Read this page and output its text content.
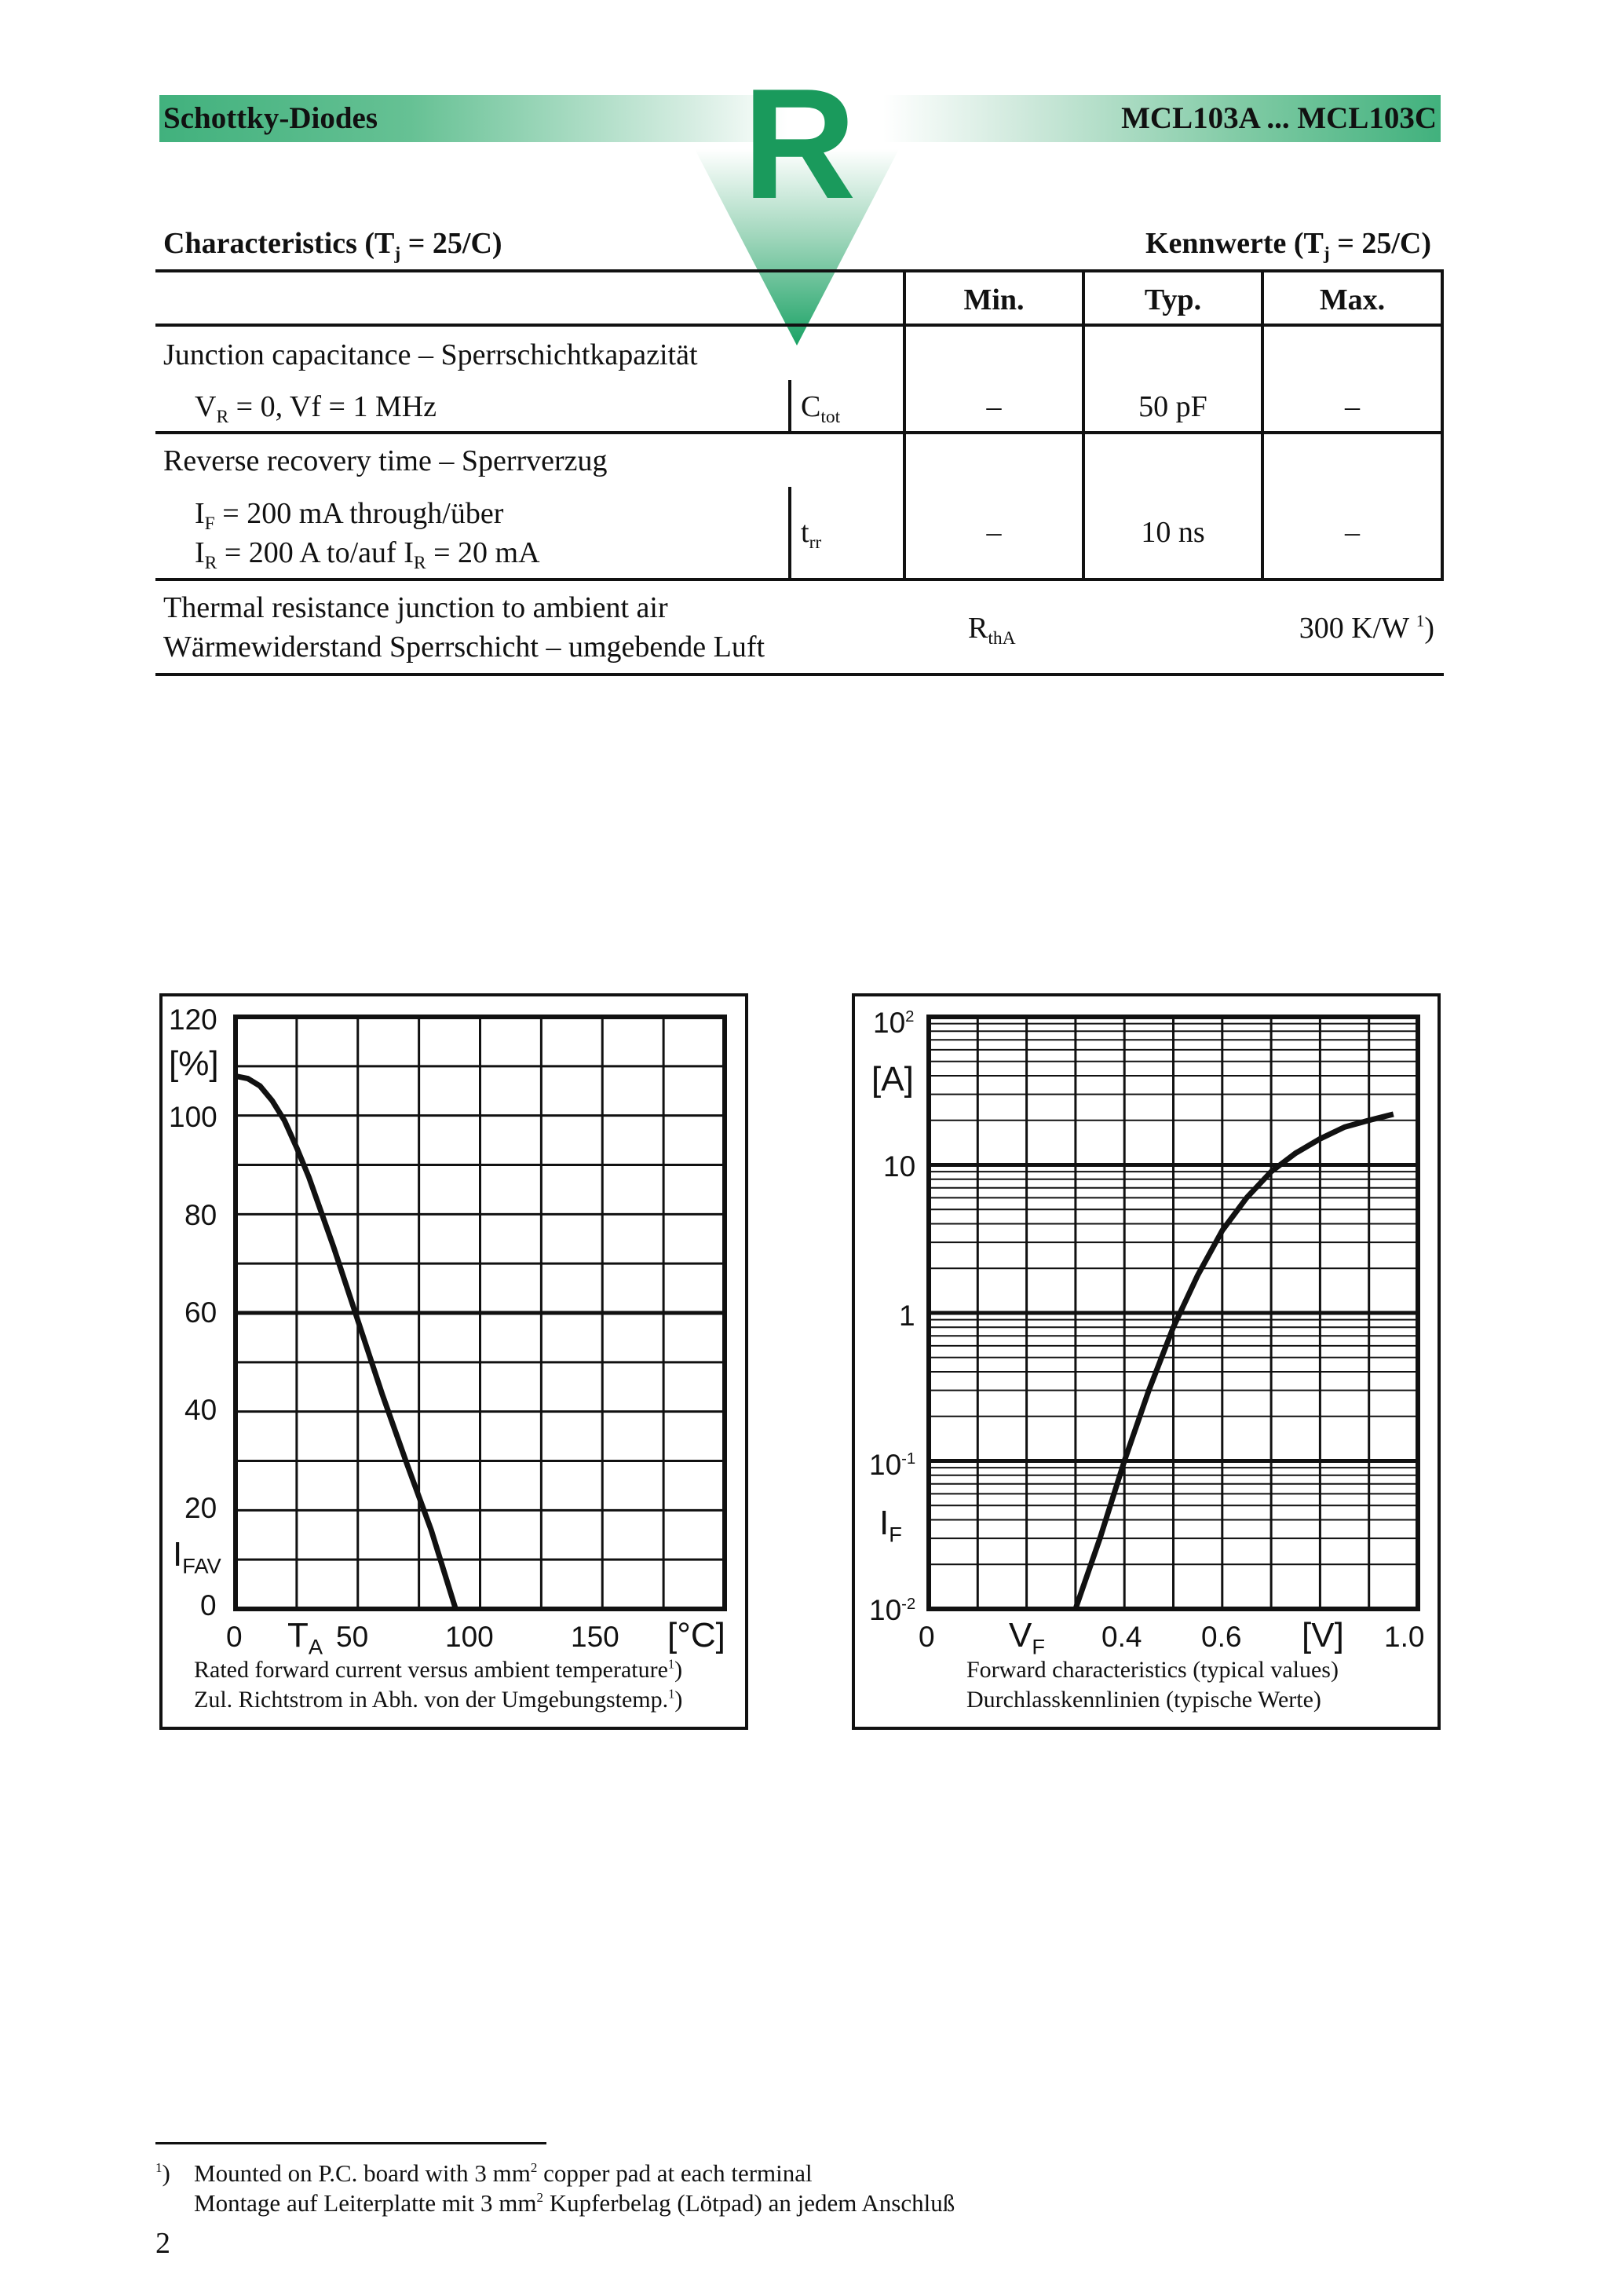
Schottky-Diodes	MCL103A ... MCL103C
R
Characteristics $(T_j = 25/C)$	Kennwerte $(T_j = 25/C)$
Min.	Typ.	Max.
Junction capacitance – Sperrschichtkapazität
$V_R = 0$, Vf = 1 MHz	$C_{tot}$	–	50 pF	–
Reverse recovery time – Sperrverzug
$I_F = 200$ mA through/über
$I_R = 200$ A to/auf $I_R = 20$ mA
$t_{rr}$	–	10 ns	–
Thermal resistance junction to ambient air
Wärmewiderstand Sperrschicht – umgebende Luft
$R_{thA}$	300 K/W $^1$)
120
[%]
100
80
60
40
20
$I_{FAV}$
0
0 $T_A$ 50	100	150 [°C]
Rated forward current versus ambient temperature$^1$)
Zul. Richtstrom in Abh. von der Umgebungstemp.$^1$)
$10^2$
[A]
10
1
$10^{-1}$
$I_F$
$10^{-2}$
0 $V_F$ 0.4 0.6 [V] 1.0
Forward characteristics (typical values)
Durchlasskennlinien (typische Werte)
$^1$) Mounted on P.C. board with 3 $mm^2$ copper pad at each terminal
Montage auf Leiterplatte mit 3 $mm^2$ Kupferbelag (Lötpad) an jedem Anschluß
2
